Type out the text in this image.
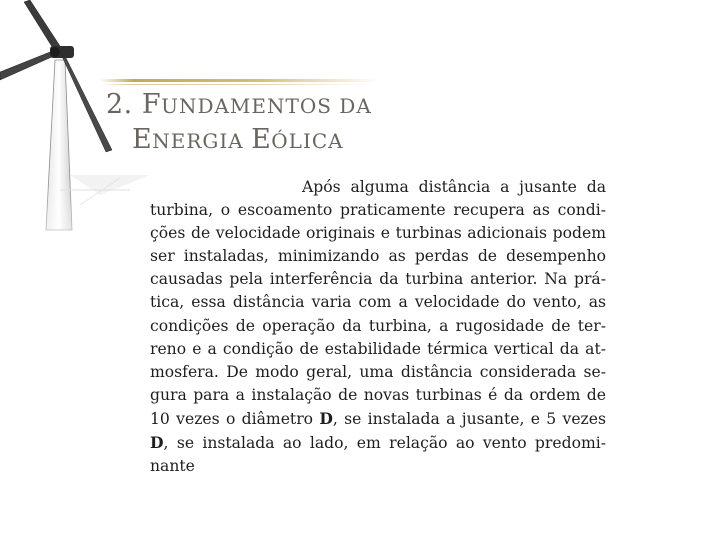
2. FUNDAMENTOS DA
ENERGIA EÓLICA
Após alguma distância a jusante da
turbina, o escoamento praticamente recupera as condi-
ções de velocidade originais e turbinas adicionais podem
ser instaladas, minimizando as perdas de desempenho
causadas pela interferência da turbina anterior. Na prá-
tica, essa distância varia com a velocidade do vento, as
condições de operação da turbina, a rugosidade de ter-
reno e a condição de estabilidade térmica vertical da at-
mosfera. De modo geral, uma distância considerada se-
gura para a instalação de novas turbinas é da ordem de
10 vezes o diâmetro D, se instalada a jusante, e 5 vezes
D, se instalada ao lado, em relação ao vento predomi-
nante
